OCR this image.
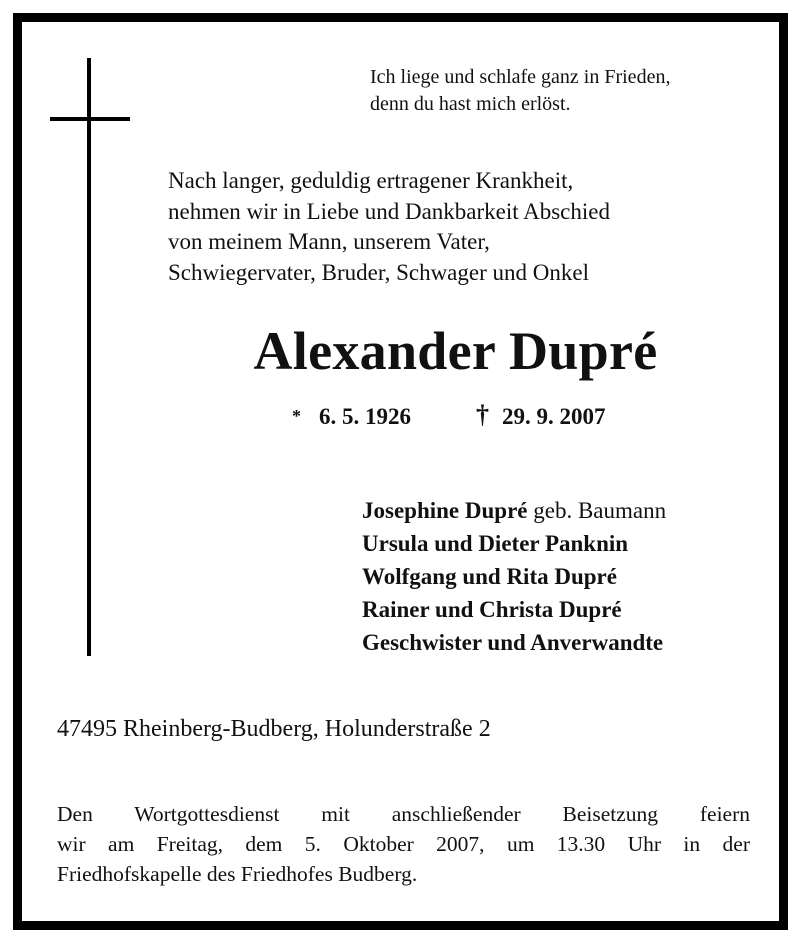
Ich liege und schlafe ganz in Frieden,
denn du hast mich erlöst.
Nach langer, geduldig ertragener Krankheit,
nehmen wir in Liebe und Dankbarkeit Abschied
von meinem Mann, unserem Vater,
Schwiegervater, Bruder, Schwager und Onkel
Alexander Dupré
* 6. 5. 1926	† 29. 9. 2007
Josephine Dupré geb. Baumann
Ursula und Dieter Panknin
Wolfgang und Rita Dupré
Rainer und Christa Dupré
Geschwister und Anverwandte
47495 Rheinberg-Budberg, Holunderstraße 2
Den Wortgottesdienst mit anschließender Beisetzung feiern
wir am Freitag, dem 5. Oktober 2007, um 13.30 Uhr in der
Friedhofskapelle des Friedhofes Budberg.
